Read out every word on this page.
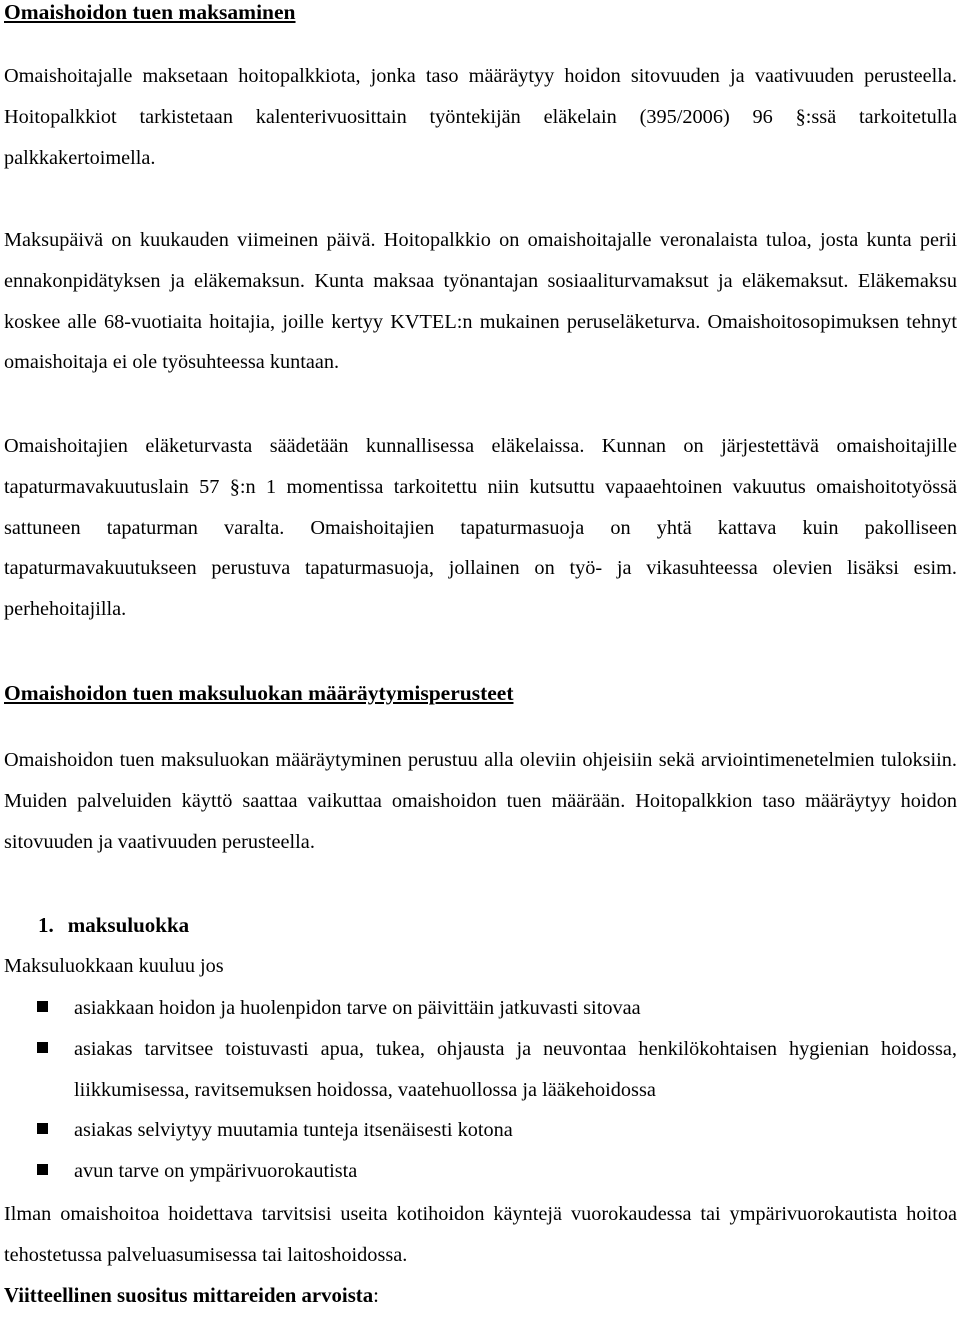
Omaishoidon tuen maksaminen

Omaishoitajalle maksetaan hoitopalkkiota, jonka taso määräytyy hoidon sitovuuden ja vaativuuden perusteella. Hoitopalkkiot tarkistetaan kalenterivuosittain työntekijän eläkelain (395/2006) 96 §:ssä tarkoitetulla palkkakertoimella.

Maksupäivä on kuukauden viimeinen päivä. Hoitopalkkio on omaishoitajalle veronalaista tuloa, josta kunta perii ennakonpidätyksen ja eläkemaksun. Kunta maksaa työnantajan sosiaaliturvamaksut ja eläkemaksut. Eläkemaksu koskee alle 68-vuotiaita hoitajia, joille kertyy KVTEL:n mukainen peruseläketurva. Omaishoitosopimuksen tehnyt omaishoitaja ei ole työsuhteessa kuntaan.

Omaishoitajien eläketurvasta säädetään kunnallisessa eläkelaissa. Kunnan on järjestettävä omaishoitajille tapaturmavakuutuslain 57 §:n 1 momentissa tarkoitettu niin kutsuttu vapaaehtoinen vakuutus omaishoitotyössä sattuneen tapaturman varalta. Omaishoitajien tapaturmasuoja on yhtä kattava kuin pakolliseen tapaturmavakuutukseen perustuva tapaturmasuoja, jollainen on työ- ja vikasuhteessa olevien lisäksi esim. perhehoitajilla.

Omaishoidon tuen maksuluokan määräytymisperusteet

Omaishoidon tuen maksuluokan määräytyminen perustuu alla oleviin ohjeisiin sekä arviointimenetelmien tuloksiin. Muiden palveluiden käyttö saattaa vaikuttaa omaishoidon tuen määrään. Hoitopalkkion taso määräytyy hoidon sitovuuden ja vaativuuden perusteella.

1. maksuluokka

Maksuluokkaan kuuluu jos

asiakkaan hoidon ja huolenpidon tarve on päivittäin jatkuvasti sitovaa
asiakas tarvitsee toistuvasti apua, tukea, ohjausta ja neuvontaa henkilökohtaisen hygienian hoidossa, liikkumisessa, ravitsemuksen hoidossa, vaatehuollossa ja lääkehoidossa
asiakas selviytyy muutamia tunteja itsenäisesti kotona
avun tarve on ympärivuorokautista

Ilman omaishoitoa hoidettava tarvitsisi useita kotihoidon käyntejä vuorokaudessa tai ympärivuorokautista hoitoa tehostetussa palveluasumisessa tai laitoshoidossa.

Viitteellinen suositus mittareiden arvoista:
